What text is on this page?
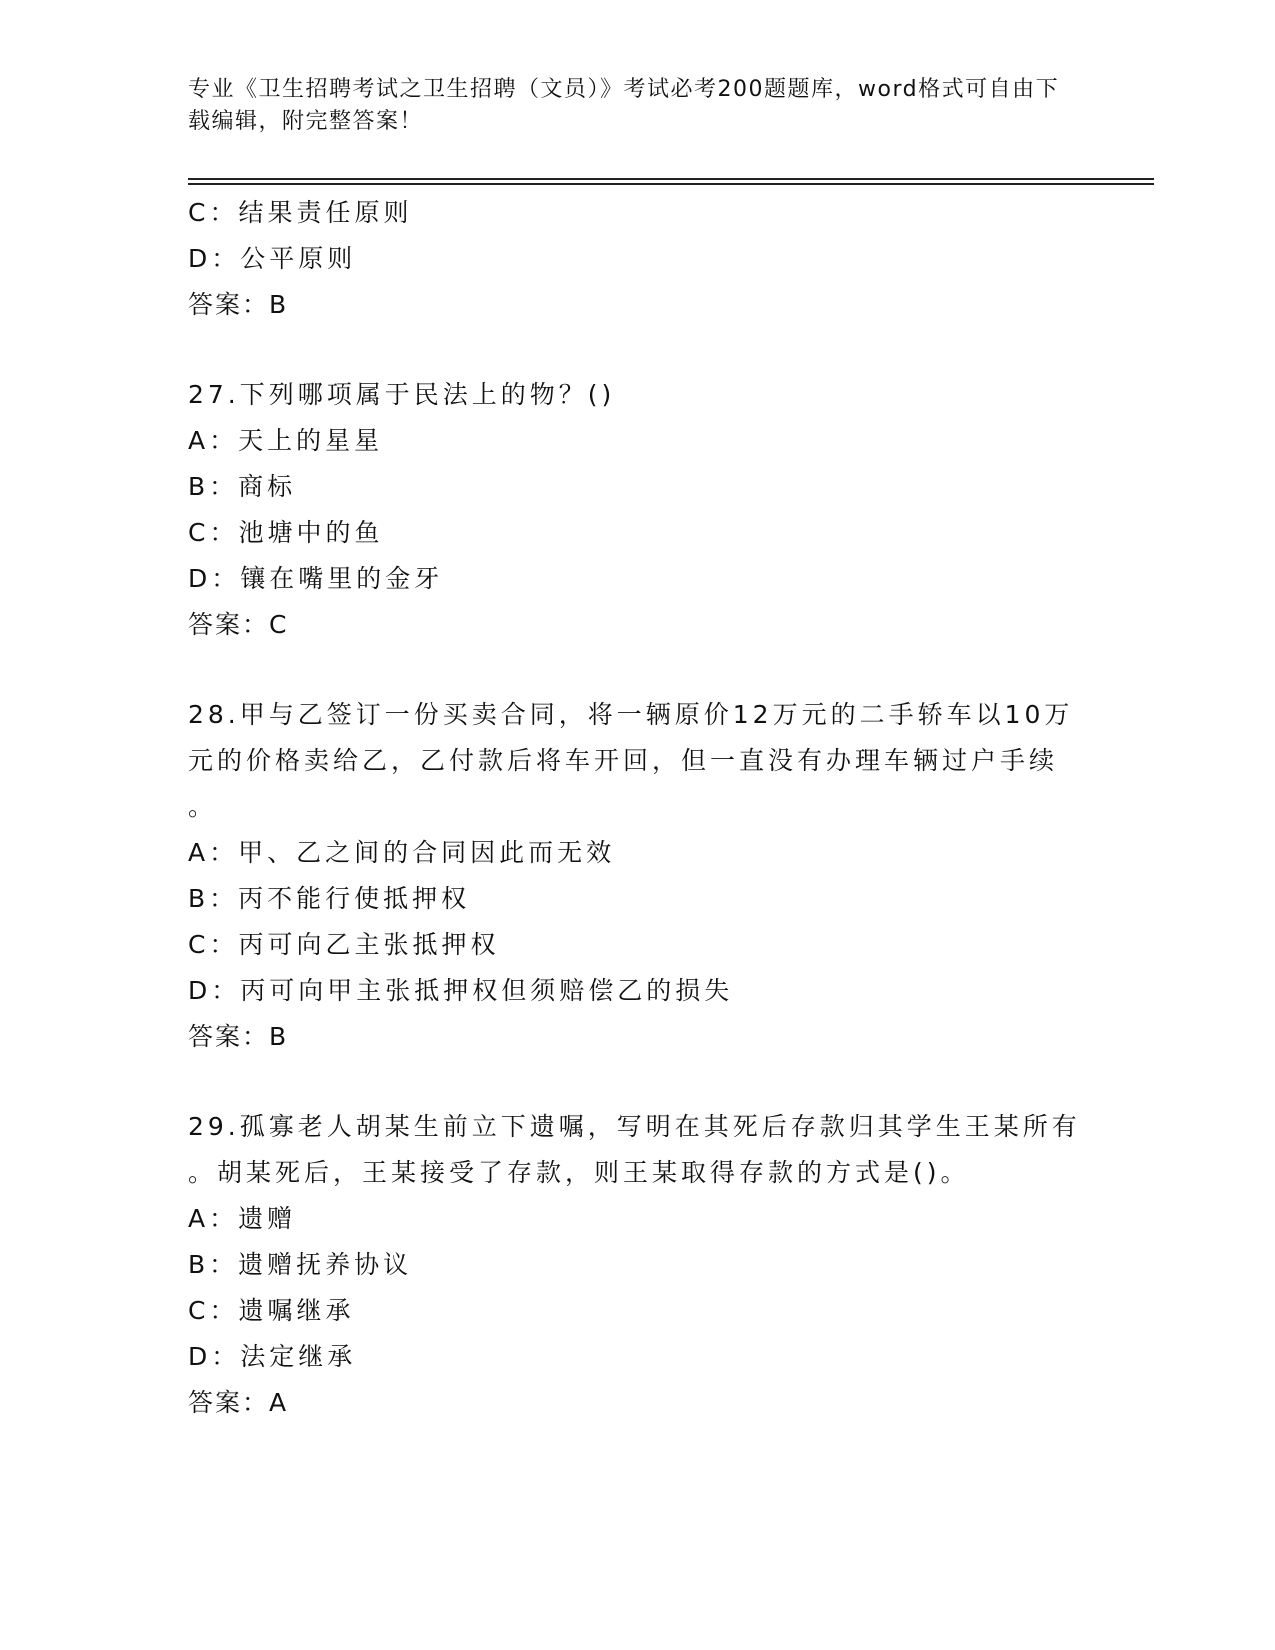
专业《卫生招聘考试之卫生招聘（文员）》考试必考200题题库，word格式可自由下载编辑，附完整答案！
C：结果责任原则
D：公平原则
答案：B
27.下列哪项属于民法上的物？()
A：天上的星星
B：商标
C：池塘中的鱼
D：镶在嘴里的金牙
答案：C
28.甲与乙签订一份买卖合同，将一辆原价12万元的二手轿车以10万
元的价格卖给乙，乙付款后将车开回，但一直没有办理车辆过户手续
。
A：甲、乙之间的合同因此而无效
B：丙不能行使抵押权
C：丙可向乙主张抵押权
D：丙可向甲主张抵押权但须赔偿乙的损失
答案：B
29.孤寡老人胡某生前立下遗嘱，写明在其死后存款归其学生王某所有
。胡某死后，王某接受了存款，则王某取得存款的方式是()。
A：遗赠
B：遗赠抚养协议
C：遗嘱继承
D：法定继承
答案：A
